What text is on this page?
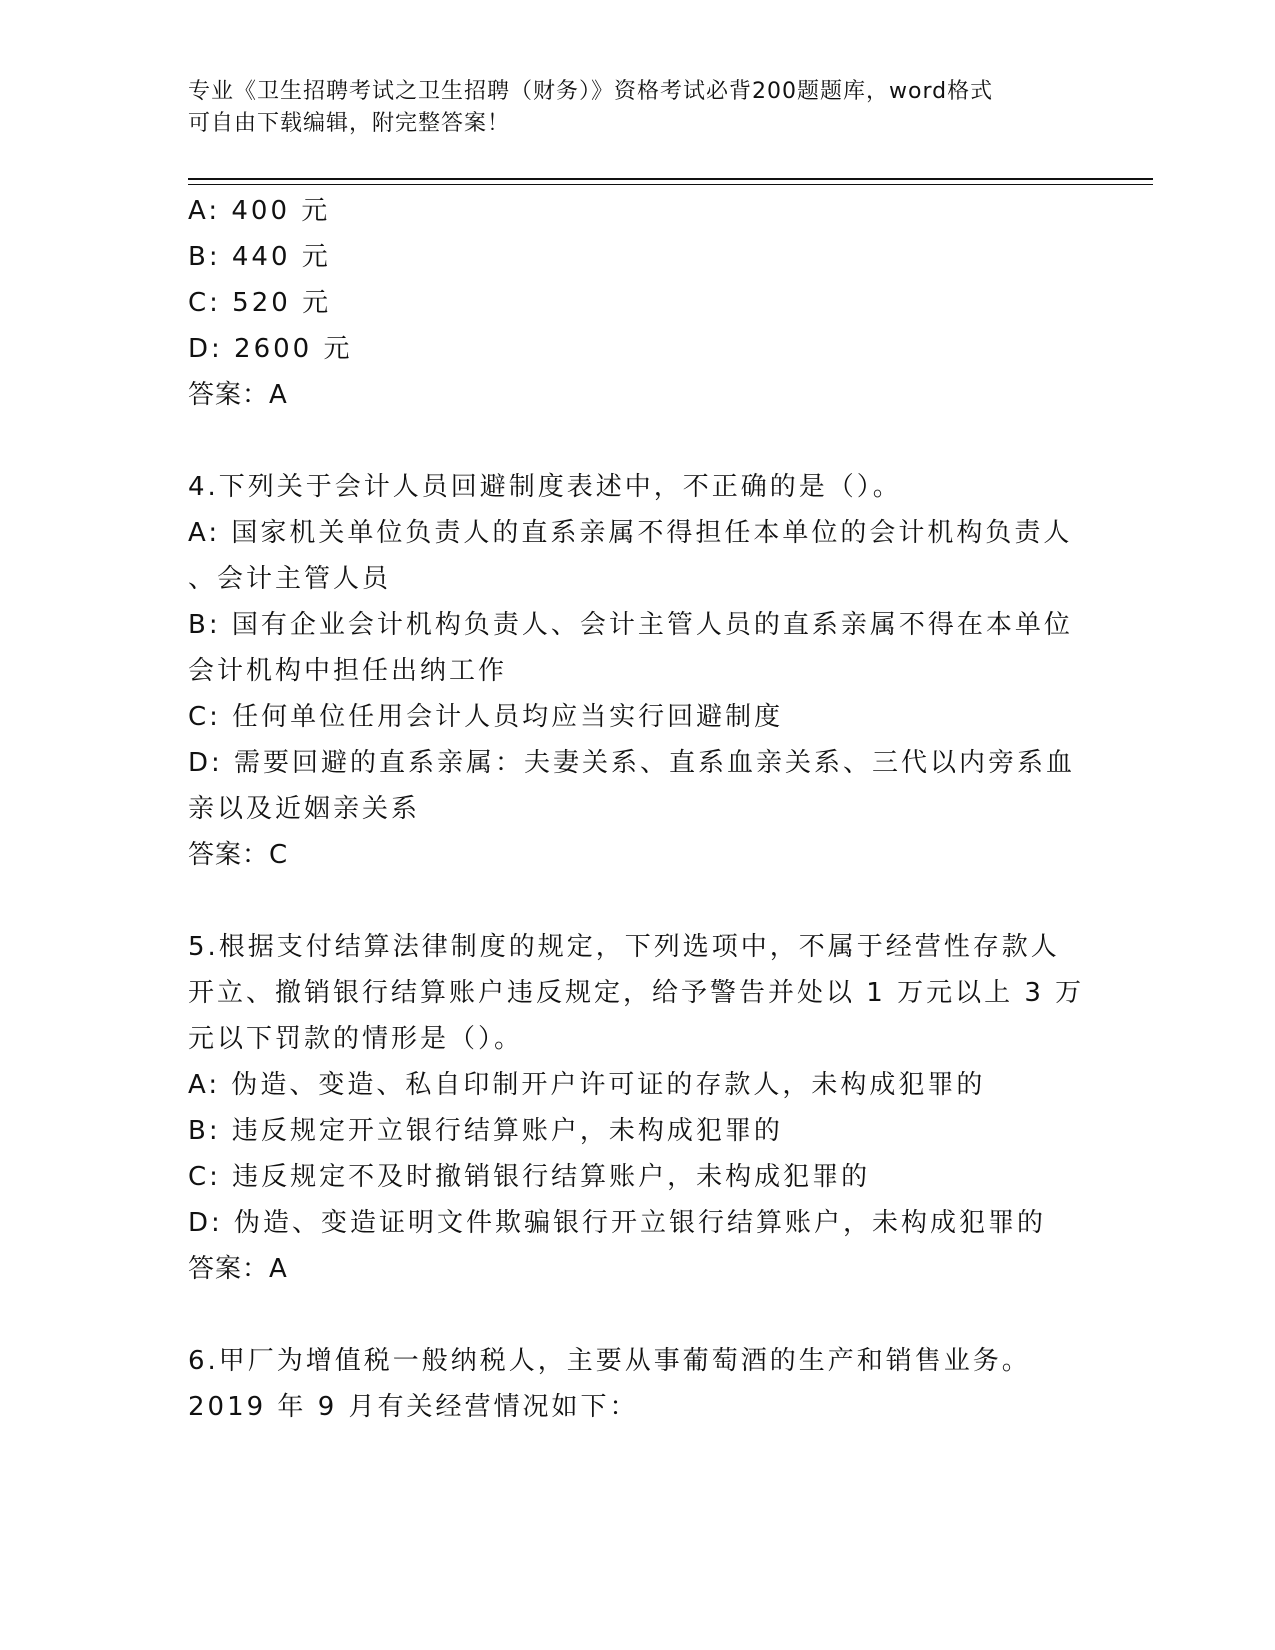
专业《卫生招聘考试之卫生招聘（财务）》资格考试必背200题题库，word格式
可自由下载编辑，附完整答案！
A: 400 元
B: 440 元
C: 520 元
D: 2600 元
答案：A
4.下列关于会计人员回避制度表述中，不正确的是（）。
A: 国家机关单位负责人的直系亲属不得担任本单位的会计机构负责人
、会计主管人员
B: 国有企业会计机构负责人、会计主管人员的直系亲属不得在本单位
会计机构中担任出纳工作
C: 任何单位任用会计人员均应当实行回避制度
D: 需要回避的直系亲属：夫妻关系、直系血亲关系、三代以内旁系血
亲以及近姻亲关系
答案：C
5.根据支付结算法律制度的规定，下列选项中，不属于经营性存款人
开立、撤销银行结算账户违反规定，给予警告并处以 1 万元以上 3 万
元以下罚款的情形是（）。
A: 伪造、变造、私自印制开户许可证的存款人，未构成犯罪的
B: 违反规定开立银行结算账户，未构成犯罪的
C: 违反规定不及时撤销银行结算账户，未构成犯罪的
D: 伪造、变造证明文件欺骗银行开立银行结算账户，未构成犯罪的
答案：A
6.甲厂为增值税一般纳税人，主要从事葡萄酒的生产和销售业务。
2019 年 9 月有关经营情况如下：
